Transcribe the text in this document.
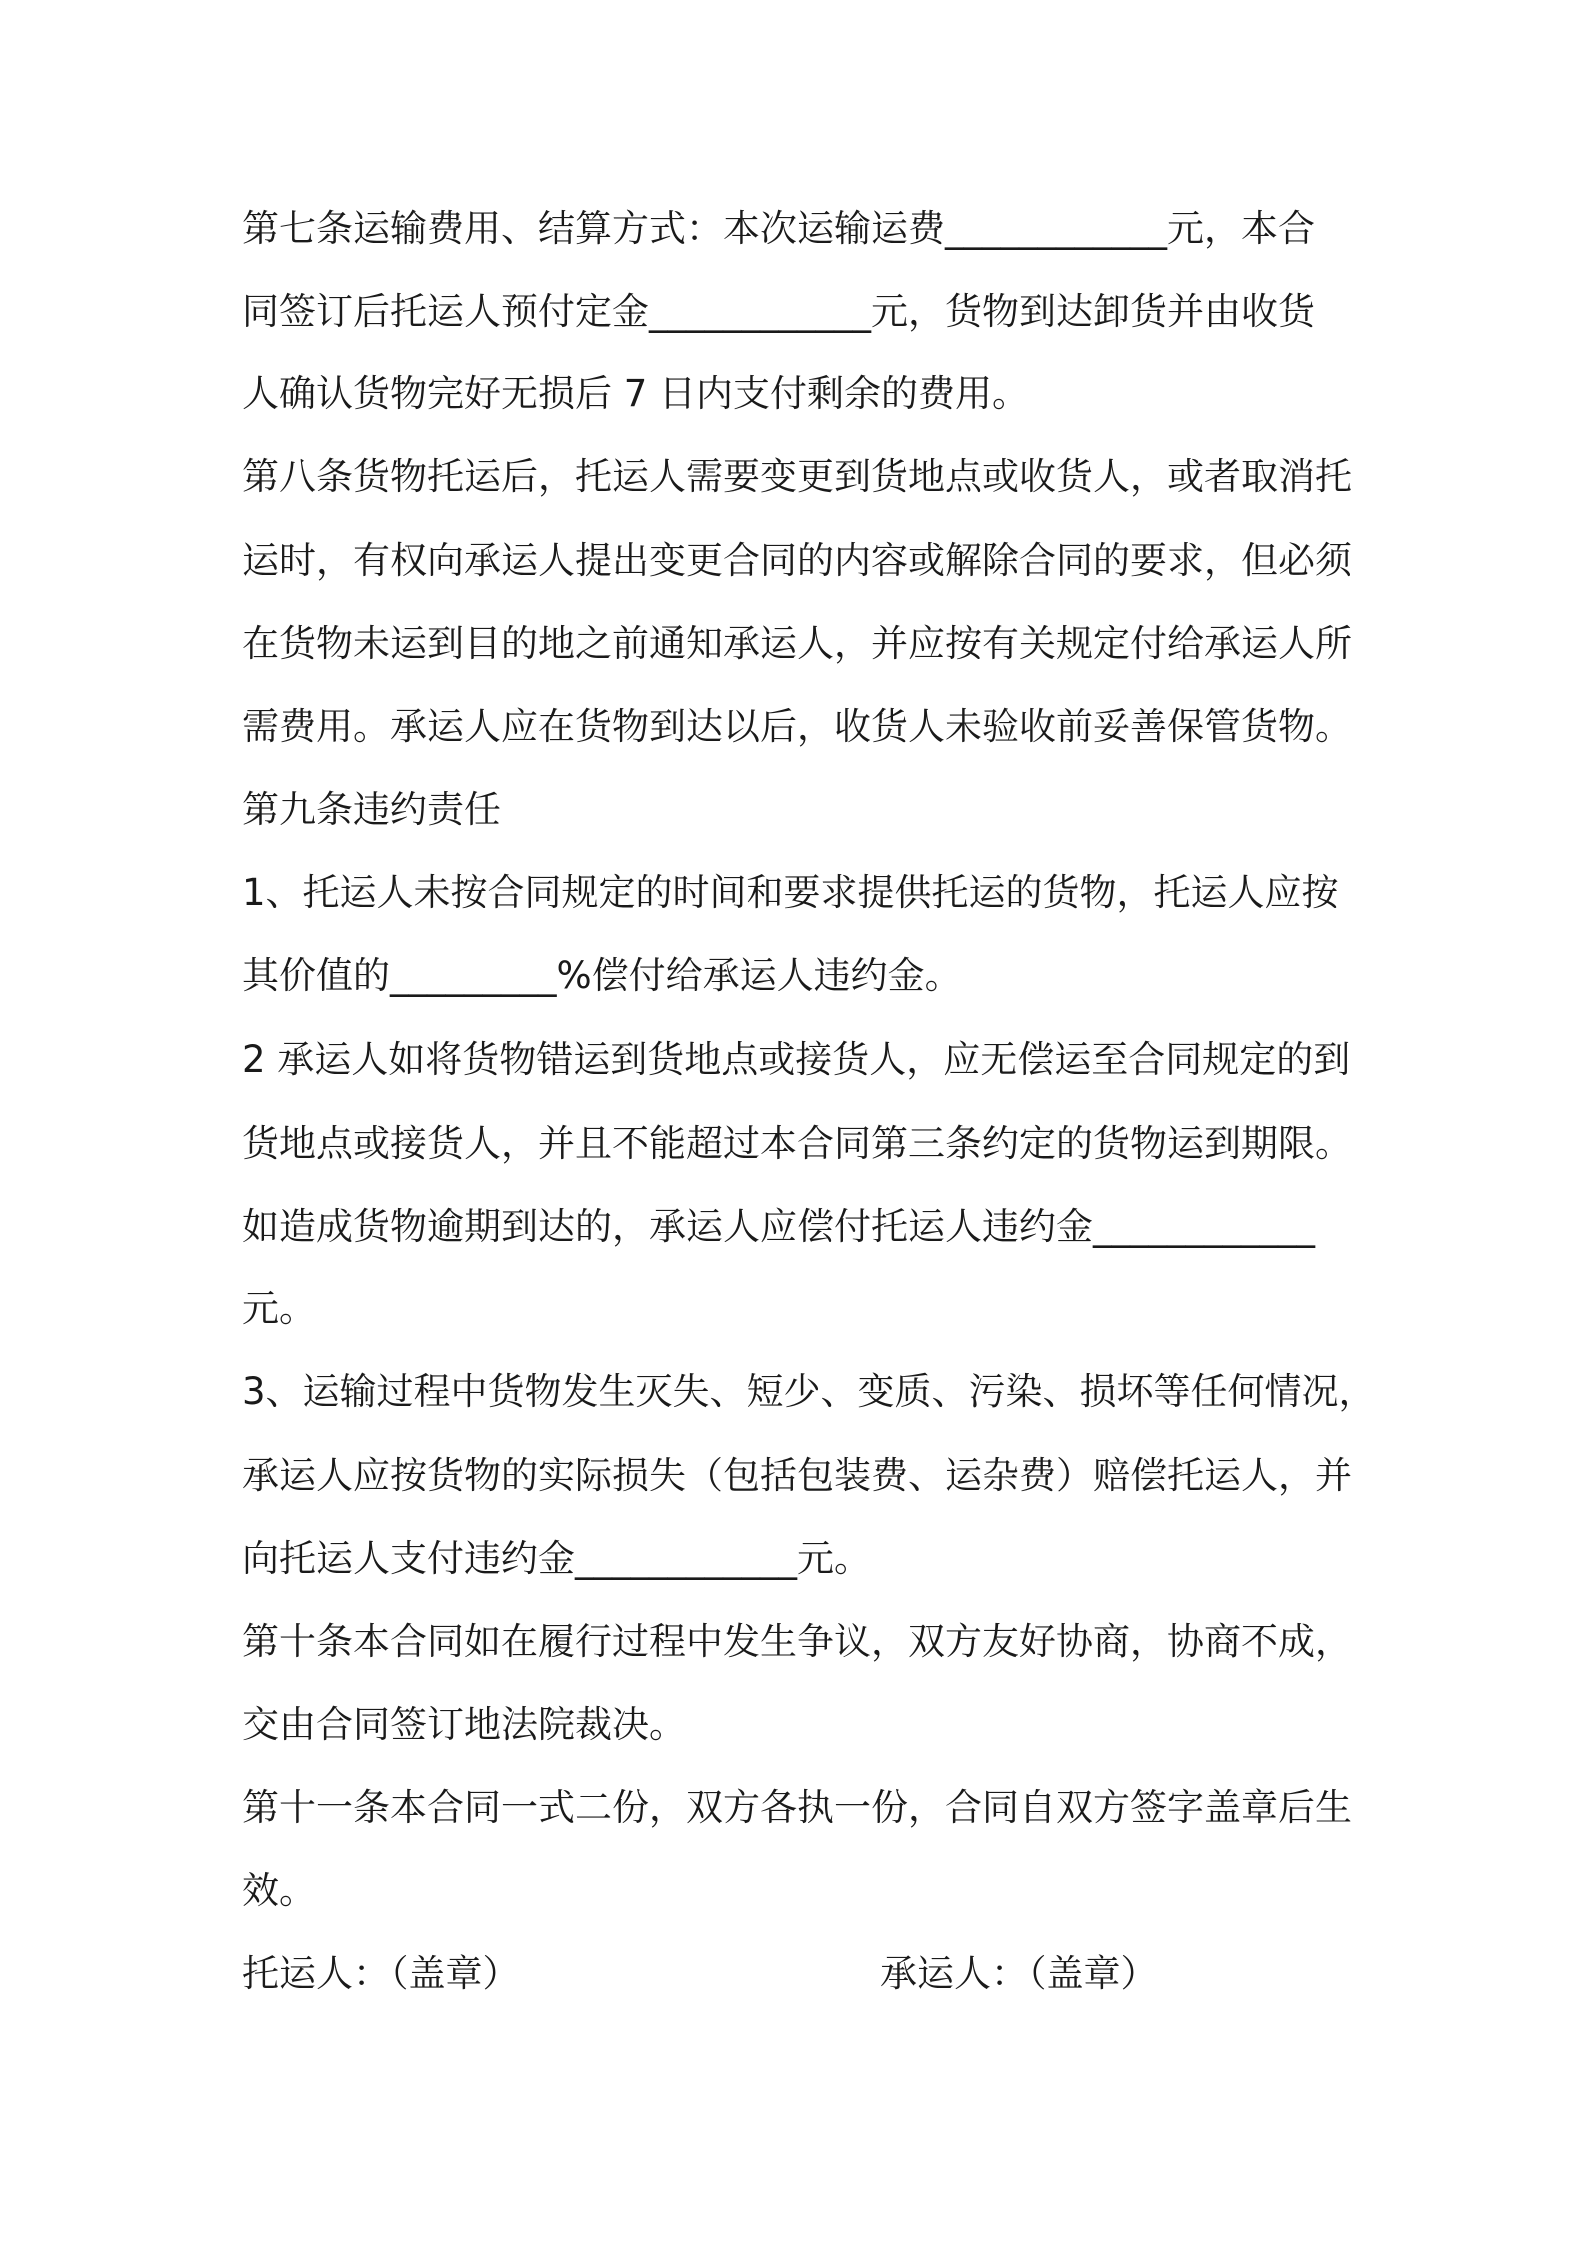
第七条运输费用、结算方式：本次运输运费____________元，本合
同签订后托运人预付定金____________元，货物到达卸货并由收货
人确认货物完好无损后 7 日内支付剩余的费用。
第八条货物托运后，托运人需要变更到货地点或收货人，或者取消托
运时，有权向承运人提出变更合同的内容或解除合同的要求，但必须
在货物未运到目的地之前通知承运人，并应按有关规定付给承运人所
需费用。承运人应在货物到达以后，收货人未验收前妥善保管货物。
第九条违约责任
1、托运人未按合同规定的时间和要求提供托运的货物，托运人应按
其价值的_________%偿付给承运人违约金。
2 承运人如将货物错运到货地点或接货人，应无偿运至合同规定的到
货地点或接货人，并且不能超过本合同第三条约定的货物运到期限。
如造成货物逾期到达的，承运人应偿付托运人违约金____________
元。
3、运输过程中货物发生灭失、短少、变质、污染、损坏等任何情况，
承运人应按货物的实际损失（包括包装费、运杂费）赔偿托运人，并
向托运人支付违约金____________元。
第十条本合同如在履行过程中发生争议，双方友好协商，协商不成，
交由合同签订地法院裁决。
第十一条本合同一式二份，双方各执一份，合同自双方签字盖章后生
效。
托运人：（盖章）	承运人：（盖章）
